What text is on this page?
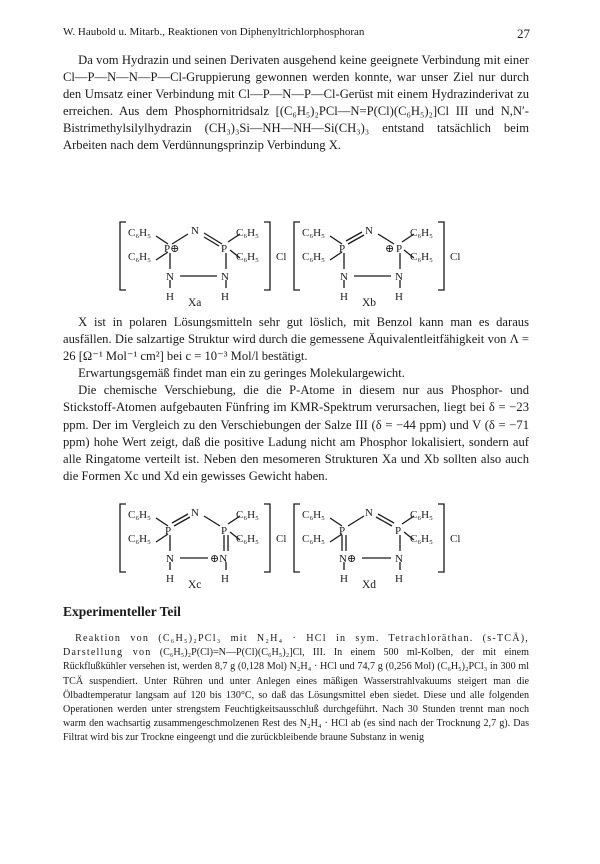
W. Haubold u. Mitarb., Reaktionen von Diphenyltrichlorphosphoran	27

Da vom Hydrazin und seinen Derivaten ausgehend keine geeignete Verbindung mit einer Cl—P—N—N—P—Cl-Gruppierung gewonnen werden konnte, war unser Ziel nur durch den Umsatz einer Verbindung mit Cl—P—N—P—Cl-Gerüst mit einem Hydrazinderivat zu erreichen. Aus dem Phosphornitridsalz [(C₆H₅)₂PCl—N=P(Cl)(C₆H₅)₂]Cl III und N,N′-Bistrimethylsilylhydrazin (CH₃)₃Si—NH—NH—Si(CH₃)₃ entstand tatsächlich beim Arbeiten nach dem Verdünnungsprinzip Verbindung X.

C₆H₅
C₆H₅
P⊕
N
P
C₆H₅
C₆H₅
N	N
H	H
Cl
C₆H₅
C₆H₅
P
N
⊕ P
C₆H₅
C₆H₅
N	N
H	H
Cl
Xa	Xb

X ist in polaren Lösungsmitteln sehr gut löslich, mit Benzol kann man es daraus ausfällen. Die salzartige Struktur wird durch die gemessene Äquivalentleitfähigkeit von Λ = 26 [Ω⁻¹ Mol⁻¹ cm²] bei c = 10⁻³ Mol/l bestätigt.

Erwartungsgemäß findet man ein zu geringes Molekulargewicht.

Die chemische Verschiebung, die die P-Atome in diesem nur aus Phosphor- und Stickstoff-Atomen aufgebauten Fünfring im KMR-Spektrum verursachen, liegt bei δ = −23 ppm. Der im Vergleich zu den Verschiebungen der Salze III (δ = −44 ppm) und V (δ = −71 ppm) hohe Wert zeigt, daß die positive Ladung nicht am Phosphor lokalisiert, sondern auf alle Ringatome verteilt ist. Neben den mesomeren Strukturen Xa und Xb sollten also auch die Formen Xc und Xd ein gewisses Gewicht haben.

C₆H₅
C₆H₅
P
N
P
C₆H₅
C₆H₅
N	⊕N
H	H
Cl
C₆H₅
C₆H₅
P
N
P
C₆H₅
C₆H₅
N⊕	N
H	H
Cl
Xc	Xd
Experimenteller Teil

Reaktion von (C₆H₅)₂PCl₃ mit N₂H₄ · HCl in sym. Tetrachloräthan. (s-TCÄ), Darstellung von (C₆H₅)₂P(Cl)=N—P(Cl)(C₆H₅)₂]Cl, III. In einem 500 ml-Kolben, der mit einem Rückflußkühler versehen ist, werden 8,7 g (0,128 Mol) N₂H₄ · HCl und 74,7 g (0,256 Mol) (C₆H₅)₂PCl₃ in 300 ml TCÄ suspendiert. Unter Rühren und unter Anlegen eines mäßigen Wasserstrahlvakuums steigert man die Ölbadtemperatur langsam auf 120 bis 130°C, so daß das Lösungsmittel eben siedet. Diese und alle folgenden Operationen werden unter strengstem Feuchtigkeitsausschluß durchgeführt. Nach 30 Stunden trennt man noch warm den wachsartig zusammengeschmolzenen Rest des N₂H₄ · HCl ab (es sind nach der Trocknung 2,7 g). Das Filtrat wird bis zur Trockne eingeengt und die zurückbleibende braune Substanz in wenig
